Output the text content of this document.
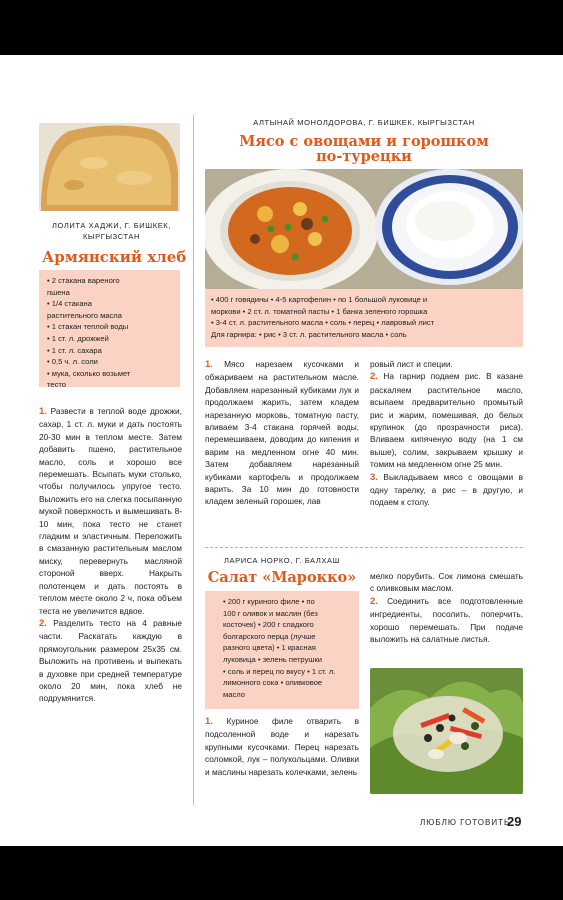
ЛОЛИТА ХАДЖИ, Г. БИШКЕК,
КЫРГЫЗСТАН
Армянский хлеб
• 2 стакана вареного
пшена
• 1/4 стакана
растительного масла
• 1 стакан теплой воды
• 1 ст. л. дрожжей
• 1 ст. л. сахара
• 0,5 ч. л. соли
• мука, сколько возьмет
тесто

1. Развести в теплой воде дрожжи, сахар, 1 ст. л. муки и дать постоять 20-30 мин в теплом месте. Затем добавить пшено, растительное масло, соль и хорошо все перемешать. Всыпать муки столько, чтобы получилось упругое тесто. Выложить его на слегка посыпанную мукой поверхность и вымешивать 8-10 мин, пока тесто не станет гладким и эластичным. Переложить в смазанную растительным маслом миску, перевернуть масляной стороной вверх. Накрыть полотенцем и дать постоять в теплом месте около 2 ч, пока объем теста не увеличится вдвое.

2. Разделить тесто на 4 равные части. Раскатать каждую в прямоугольник размером 25x35 см. Выложить на противень и выпекать в духовке при средней температуре около 20 мин, пока хлеб не подрумянится.

АЛТЫНАЙ МОНОЛДОРОВА, Г. БИШКЕК, КЫРГЫЗСТАН
Мясо с овощами и горошком
по-турецки
• 400 г говядины • 4-5 картофелин • по 1 большой луковице и
моркови • 2 ст. л. томатной пасты • 1 банка зеленого горошка
• 3-4 ст. л. растительного масла • соль • перец • лавровый лист
Для гарнира: • рис • 3 ст. л. растительного масла • соль

1. Мясо нарезаем кусочками и обжариваем на растительном масле. Добавляем нарезанный кубиками лук и продолжаем жарить, затем кладем нарезанную морковь, томатную пасту, вливаем 3-4 стакана горячей воды, перемешиваем, доводим до кипения и варим на медленном огне 40 мин. Затем добавляем нарезанный кубиками картофель и продолжаем варить. За 10 мин до готовности кладем зеленый горошек, лав

ровый лист и специи.

2. На гарнир подаем рис. В казане раскаляем растительное масло, всыпаем предварительно промытый рис и жарим, помешивая, до белых крупинок (до прозрачности риса). Вливаем кипяченую воду (на 1 см выше), солим, закрываем крышку и томим на медленном огне 25 мин.

3. Выкладываем мясо с овощами в одну тарелку, а рис – в другую, и подаем к столу.

ЛАРИСА НОРКО, Г. БАЛХАШ
Салат «Марокко»
• 200 г куриного филе • по
100 г оливок и маслин (без
косточек) • 200 г сладкого
болгарского перца (лучше
разного цвета) • 1 красная
луковица • зелень петрушки
• соль и перец по вкусу • 1 ст. л.
лимонного сока • оливковое
масло

1. Куриное филе отварить в подсоленной воде и нарезать крупными кусочками. Перец нарезать соломкой, лук – полукольцами. Оливки и маслины нарезать колечками, зелень

мелко порубить. Сок лимона смешать с оливковым маслом.

2. Соединить все подготовленные ингредиенты, посолить, поперчить, хорошо перемешать. При подаче выложить на салатные листья.

ЛЮБЛЮ ГОТОВИТЬ
29
